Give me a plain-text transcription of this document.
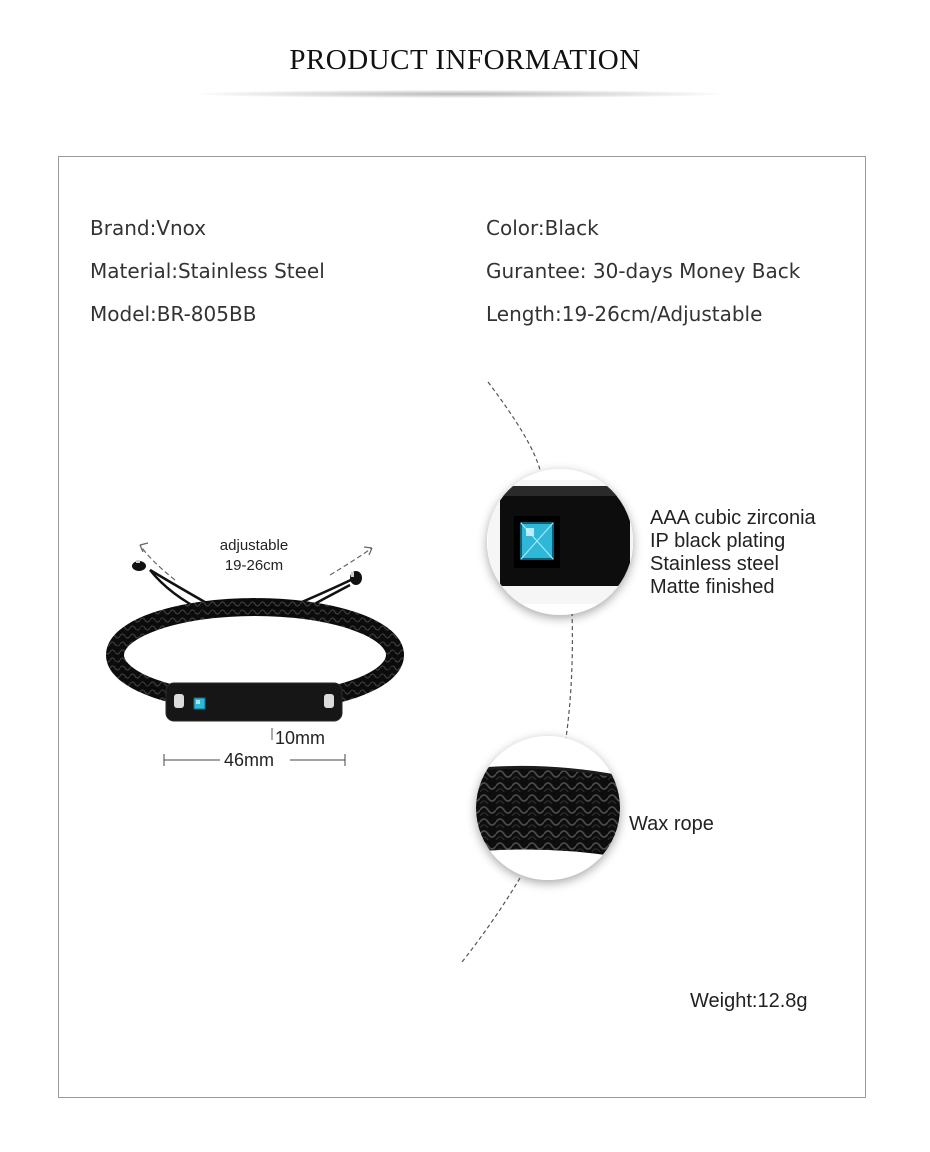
PRODUCT INFORMATION
Brand:Vnox
Material:Stainless Steel
Model:BR-805BB
Color:Black
Gurantee: 30-days Money Back
Length:19-26cm/Adjustable
adjustable
19-26cm
10mm
46mm
AAA cubic zirconia
IP black plating
Stainless steel
Matte finished
Wax rope
Weight:12.8g
